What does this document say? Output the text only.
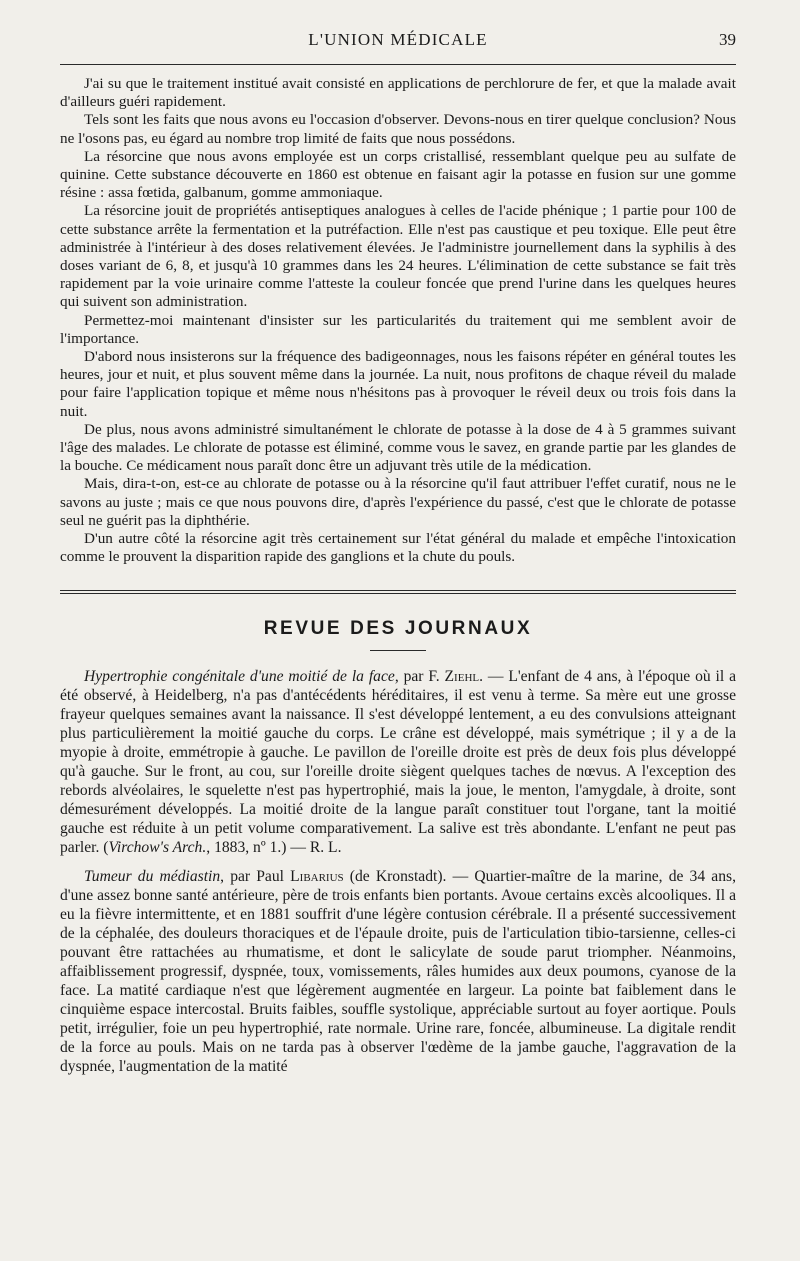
L'UNION MÉDICALE	39

J'ai su que le traitement institué avait consisté en applications de perchlorure de fer, et que la malade avait d'ailleurs guéri rapidement.

Tels sont les faits que nous avons eu l'occasion d'observer. Devons-nous en tirer quelque conclusion? Nous ne l'osons pas, eu égard au nombre trop limité de faits que nous possédons.

La résorcine que nous avons employée est un corps cristallisé, ressemblant quelque peu au sulfate de quinine. Cette substance découverte en 1860 est obtenue en faisant agir la potasse en fusion sur une gomme résine : assa fœtida, galbanum, gomme ammoniaque.

La résorcine jouit de propriétés antiseptiques analogues à celles de l'acide phénique ; 1 partie pour 100 de cette substance arrête la fermentation et la putréfaction. Elle n'est pas caustique et peu toxique. Elle peut être administrée à l'intérieur à des doses relativement élevées. Je l'administre journellement dans la syphilis à des doses variant de 6, 8, et jusqu'à 10 grammes dans les 24 heures. L'élimination de cette substance se fait très rapidement par la voie urinaire comme l'atteste la couleur foncée que prend l'urine dans les quelques heures qui suivent son administration.

Permettez-moi maintenant d'insister sur les particularités du traitement qui me semblent avoir de l'importance.

D'abord nous insisterons sur la fréquence des badigeonnages, nous les faisons répéter en général toutes les heures, jour et nuit, et plus souvent même dans la journée. La nuit, nous profitons de chaque réveil du malade pour faire l'application topique et même nous n'hésitons pas à provoquer le réveil deux ou trois fois dans la nuit.

De plus, nous avons administré simultanément le chlorate de potasse à la dose de 4 à 5 grammes suivant l'âge des malades. Le chlorate de potasse est éliminé, comme vous le savez, en grande partie par les glandes de la bouche. Ce médicament nous paraît donc être un adjuvant très utile de la médication.

Mais, dira-t-on, est-ce au chlorate de potasse ou à la résorcine qu'il faut attribuer l'effet curatif, nous ne le savons au juste ; mais ce que nous pouvons dire, d'après l'expérience du passé, c'est que le chlorate de potasse seul ne guérit pas la diphthérie.

D'un autre côté la résorcine agit très certainement sur l'état général du malade et empêche l'intoxication comme le prouvent la disparition rapide des ganglions et la chute du pouls.

REVUE DES JOURNAUX

Hypertrophie congénitale d'une moitié de la face, par F. Ziehl. — L'enfant de 4 ans, à l'époque où il a été observé, à Heidelberg, n'a pas d'antécédents héréditaires, il est venu à terme. Sa mère eut une grosse frayeur quelques semaines avant la naissance. Il s'est développé lentement, a eu des convulsions atteignant plus particulièrement la moitié gauche du corps. Le crâne est développé, mais symétrique ; il y a de la myopie à droite, emmétropie à gauche. Le pavillon de l'oreille droite est près de deux fois plus développé qu'à gauche. Sur le front, au cou, sur l'oreille droite siègent quelques taches de nœvus. A l'exception des rebords alvéolaires, le squelette n'est pas hypertrophié, mais la joue, le menton, l'amygdale, à droite, sont démesurément développés. La moitié droite de la langue paraît constituer tout l'organe, tant la moitié gauche est réduite à un petit volume comparativement. La salive est très abondante. L'enfant ne peut pas parler. (Virchow's Arch., 1883, nº 1.) — R. L.

Tumeur du médiastin, par Paul Libarius (de Kronstadt). — Quartier-maître de la marine, de 34 ans, d'une assez bonne santé antérieure, père de trois enfants bien portants. Avoue certains excès alcooliques. Il a eu la fièvre intermittente, et en 1881 souffrit d'une légère contusion cérébrale. Il a présenté successivement de la céphalée, des douleurs thoraciques et de l'épaule droite, puis de l'articulation tibio-tarsienne, celles-ci pouvant être rattachées au rhumatisme, et dont le salicylate de soude parut triompher. Néanmoins, affaiblissement progressif, dyspnée, toux, vomissements, râles humides aux deux poumons, cyanose de la face. La matité cardiaque n'est que légèrement augmentée en largeur. La pointe bat faiblement dans le cinquième espace intercostal. Bruits faibles, souffle systolique, appréciable surtout au foyer aortique. Pouls petit, irrégulier, foie un peu hypertrophié, rate normale. Urine rare, foncée, albumineuse. La digitale rendit de la force au pouls. Mais on ne tarda pas à observer l'œdème de la jambe gauche, l'aggravation de la dyspnée, l'augmentation de la matité
